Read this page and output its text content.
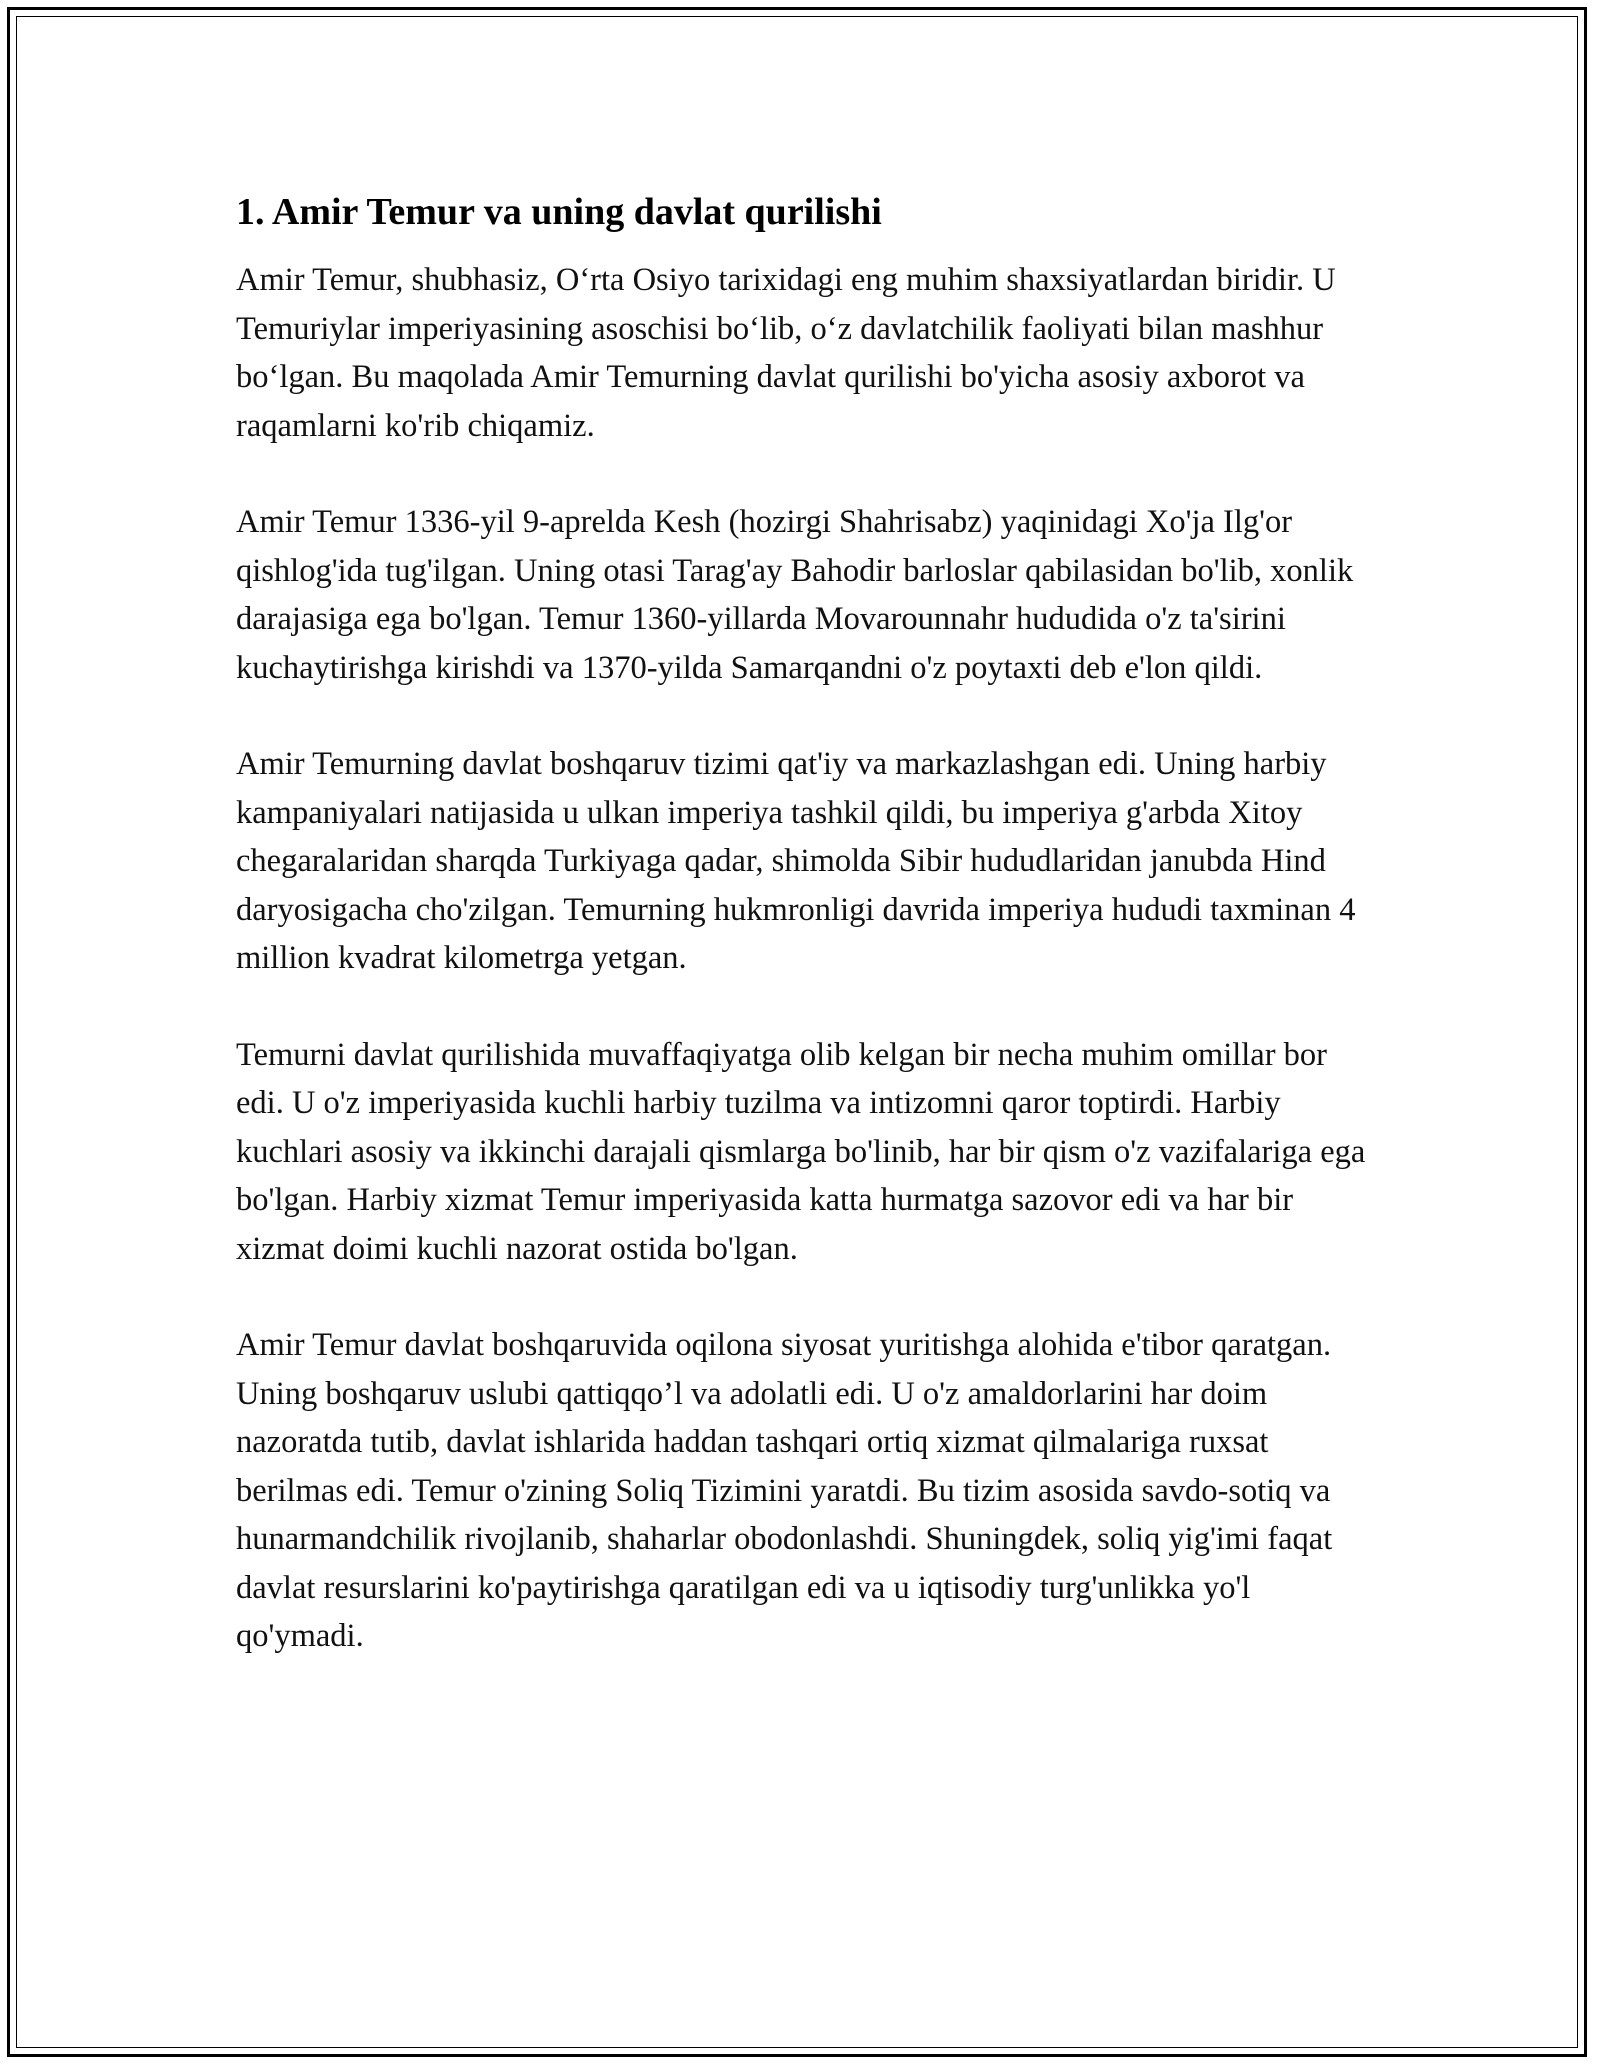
1. Amir Temur va uning davlat qurilishi

Amir Temur, shubhasiz, O‘rta Osiyo tarixidagi eng muhim shaxsiyatlardan biridir. U Temuriylar imperiyasining asoschisi bo‘lib, o‘z davlatchilik faoliyati bilan mashhur bo‘lgan. Bu maqolada Amir Temurning davlat qurilishi bo'yicha asosiy axborot va raqamlarni ko'rib chiqamiz.

Amir Temur 1336-yil 9-aprelda Kesh (hozirgi Shahrisabz) yaqinidagi Xo'ja Ilg'or qishlog'ida tug'ilgan. Uning otasi Tarag'ay Bahodir barloslar qabilasidan bo'lib, xonlik darajasiga ega bo'lgan. Temur 1360-yillarda Movarounnahr hududida o'z ta'sirini kuchaytirishga kirishdi va 1370-yilda Samarqandni o'z poytaxti deb e'lon qildi.

Amir Temurning davlat boshqaruv tizimi qat'iy va markazlashgan edi. Uning harbiy kampaniyalari natijasida u ulkan imperiya tashkil qildi, bu imperiya g'arbda Xitoy chegaralaridan sharqda Turkiyaga qadar, shimolda Sibir hududlaridan janubda Hind daryosigacha cho'zilgan. Temurning hukmronligi davrida imperiya hududi taxminan 4 million kvadrat kilometrga yetgan.

Temurni davlat qurilishida muvaffaqiyatga olib kelgan bir necha muhim omillar bor edi. U o'z imperiyasida kuchli harbiy tuzilma va intizomni qaror toptirdi. Harbiy kuchlari asosiy va ikkinchi darajali qismlarga bo'linib, har bir qism o'z vazifalariga ega bo'lgan. Harbiy xizmat Temur imperiyasida katta hurmatga sazovor edi va har bir xizmat doimi kuchli nazorat ostida bo'lgan.

Amir Temur davlat boshqaruvida oqilona siyosat yuritishga alohida e'tibor qaratgan. Uning boshqaruv uslubi qattiqqo’l va adolatli edi. U o'z amaldorlarini har doim nazoratda tutib, davlat ishlarida haddan tashqari ortiq xizmat qilmalariga ruxsat berilmas edi. Temur o'zining Soliq Tizimini yaratdi. Bu tizim asosida savdo-sotiq va hunarmandchilik rivojlanib, shaharlar obodonlashdi. Shuningdek, soliq yig'imi faqat davlat resurslarini ko'paytirishga qaratilgan edi va u iqtisodiy turg'unlikka yo'l qo'ymadi.
